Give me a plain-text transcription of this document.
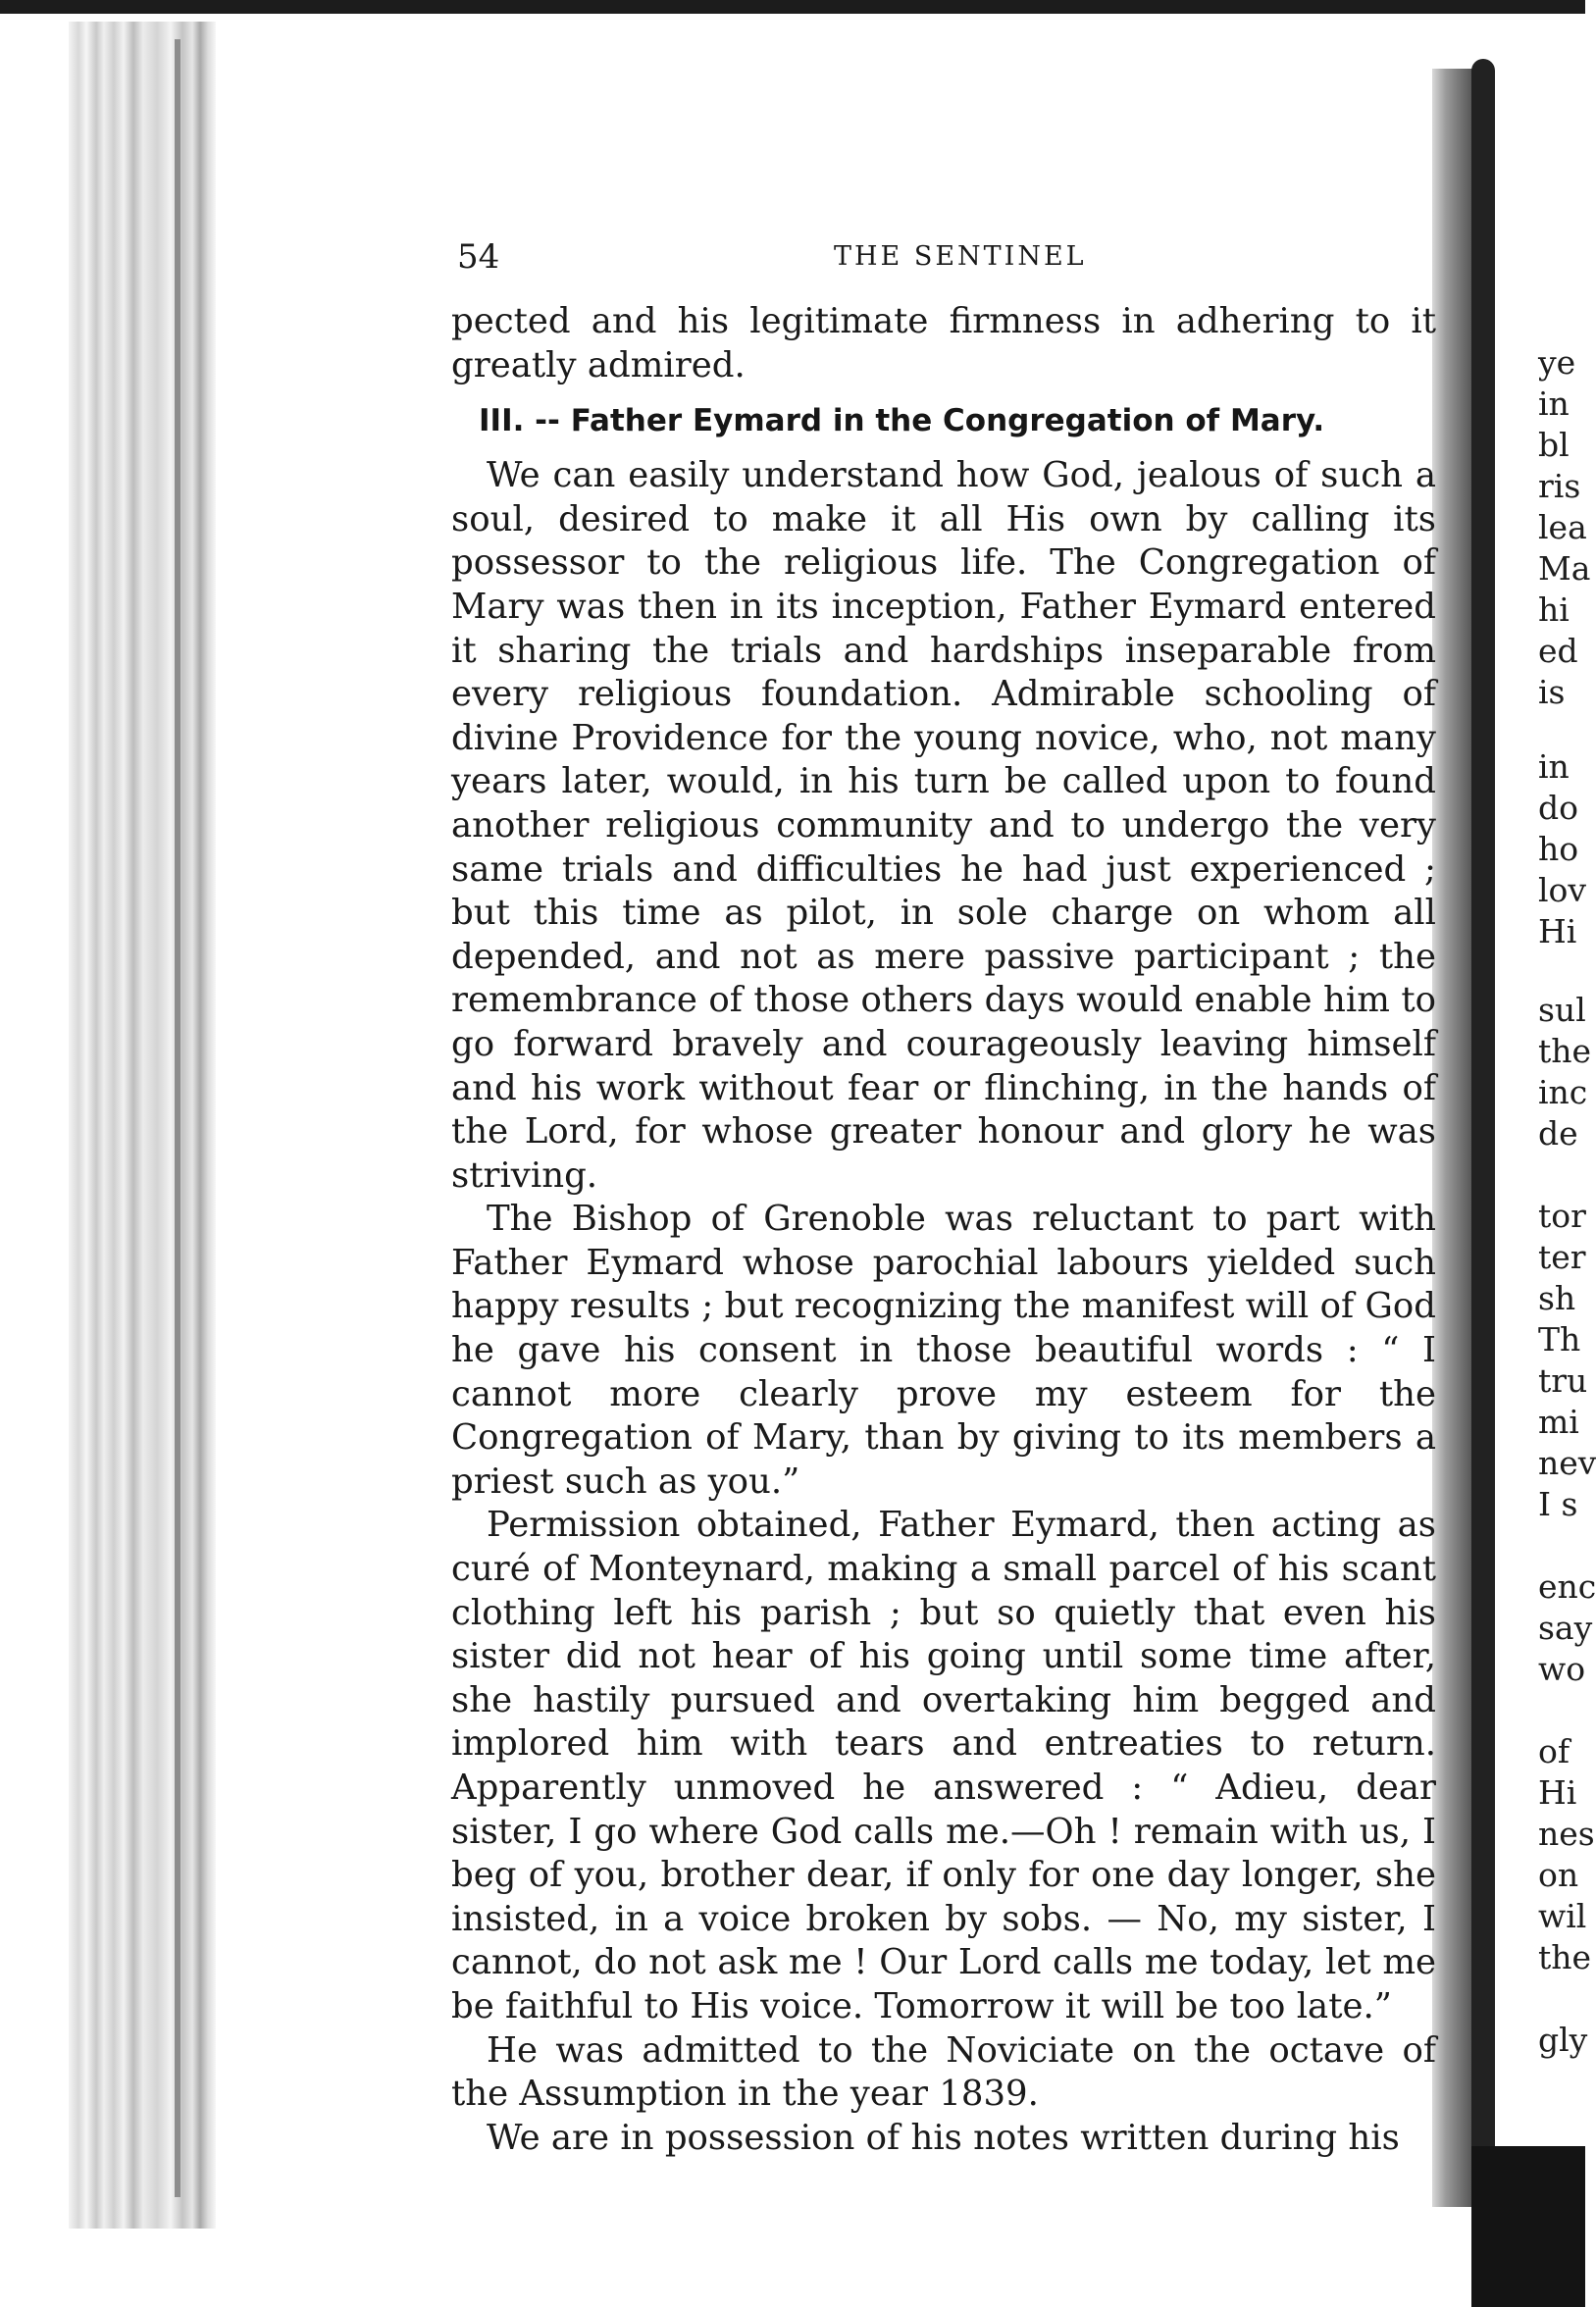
ye
in
bl
ris
lea
Ma
hi
ed
is
in
do
ho
lov
Hi
sul
the
inc
de
tor
ter
sh
Th
tru
mi
nev
I s
enc
say
wo
of
Hi
nes
on
wil
the
gly
54	THE SENTINEL

pected and his legitimate firmness in adhering to it greatly admired.

III. -- Father Eymard in the Congregation of Mary.

We can easily understand how God, jealous of such a soul, desired to make it all His own by calling its possessor to the religious life. The Congregation of Mary was then in its inception, Father Eymard entered it sharing the trials and hardships inseparable from every religious foundation. Admirable schooling of divine Providence for the young novice, who, not many years later, would, in his turn be called upon to found another religious community and to undergo the very same trials and difficulties he had just experienced ; but this time as pilot, in sole charge on whom all depended, and not as mere passive participant ; the remembrance of those others days would enable him to go forward bravely and courageously leaving himself and his work without fear or flinching, in the hands of the Lord, for whose greater honour and glory he was striving.

The Bishop of Grenoble was reluctant to part with Father Eymard whose parochial labours yielded such happy results ; but recognizing the manifest will of God he gave his consent in those beautiful words : “ I cannot more clearly prove my esteem for the Congregation of Mary, than by giving to its members a priest such as you.”

Permission obtained, Father Eymard, then acting as curé of Monteynard, making a small parcel of his scant clothing left his parish ; but so quietly that even his sister did not hear of his going until some time after, she hastily pursued and overtaking him begged and implored him with tears and entreaties to return. Apparently unmoved he answered : “ Adieu, dear sister, I go where God calls me.—Oh ! remain with us, I beg of you, brother dear, if only for one day longer, she insisted, in a voice broken by sobs. — No, my sister, I cannot, do not ask me ! Our Lord calls me today, let me be faithful to His voice. Tomorrow it will be too late.”

He was admitted to the Noviciate on the octave of the Assumption in the year 1839.

We are in possession of his notes written during his
